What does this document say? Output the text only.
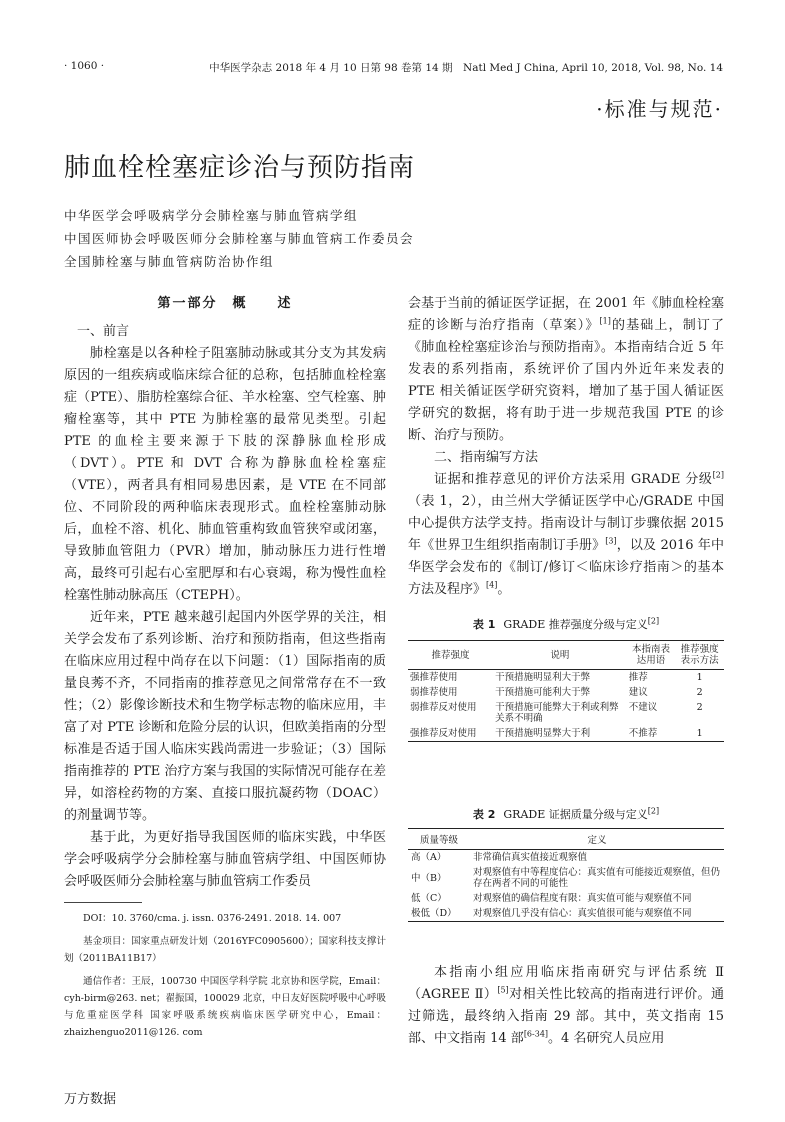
· 1060 ·	中华医学杂志 2018 年 4 月 10 日第 98 卷第 14 期　Natl Med J China, April 10, 2018, Vol. 98, No. 14
·标准与规范·
肺血栓栓塞症诊治与预防指南
中华医学会呼吸病学分会肺栓塞与肺血管病学组
中国医师协会呼吸医师分会肺栓塞与肺血管病工作委员会
全国肺栓塞与肺血管病防治协作组
第一部分　概　　述

一、前言

肺栓塞是以各种栓子阻塞肺动脉或其分支为其发病原因的一组疾病或临床综合征的总称，包括肺血栓栓塞症（PTE）、脂肪栓塞综合征、羊水栓塞、空气栓塞、肿瘤栓塞等，其中 PTE 为肺栓塞的最常见类型。引起 PTE 的血栓主要来源于下肢的深静脉血栓形成（DVT）。PTE 和 DVT 合称为静脉血栓栓塞症（VTE），两者具有相同易患因素，是 VTE 在不同部位、不同阶段的两种临床表现形式。血栓栓塞肺动脉后，血栓不溶、机化、肺血管重构致血管狭窄或闭塞，导致肺血管阻力（PVR）增加，肺动脉压力进行性增高，最终可引起右心室肥厚和右心衰竭，称为慢性血栓栓塞性肺动脉高压（CTEPH）。

近年来，PTE 越来越引起国内外医学界的关注，相关学会发布了系列诊断、治疗和预防指南，但这些指南在临床应用过程中尚存在以下问题：（1）国际指南的质量良莠不齐，不同指南的推荐意见之间常常存在不一致性；（2）影像诊断技术和生物学标志物的临床应用，丰富了对 PTE 诊断和危险分层的认识，但欧美指南的分型标准是否适于国人临床实践尚需进一步验证；（3）国际指南推荐的 PTE 治疗方案与我国的实际情况可能存在差异，如溶栓药物的方案、直接口服抗凝药物（DOAC）的剂量调节等。

基于此，为更好指导我国医师的临床实践，中华医学会呼吸病学分会肺栓塞与肺血管病学组、中国医师协会呼吸医师分会肺栓塞与肺血管病工作委员

DOI：10. 3760/cma. j. issn. 0376-2491. 2018. 14. 007
基金项目：国家重点研发计划（2016YFC0905600）；国家科技支撑计划（2011BA11B17）
通信作者：王辰，100730 中国医学科学院 北京协和医学院，Email：cyh-birm@263. net；翟振国，100029 北京，中日友好医院呼吸中心呼吸与危重症医学科 国家呼吸系统疾病临床医学研究中心，Email：zhaizhenguo2011@126. com

会基于当前的循证医学证据，在 2001 年《肺血栓栓塞症的诊断与治疗指南（草案）》[1]的基础上，制订了《肺血栓栓塞症诊治与预防指南》。本指南结合近 5 年发表的系列指南，系统评价了国内外近年来发表的 PTE 相关循证医学研究资料，增加了基于国人循证医学研究的数据，将有助于进一步规范我国 PTE 的诊断、治疗与预防。

二、指南编写方法

证据和推荐意见的评价方法采用 GRADE 分级[2]（表 1，2），由兰州大学循证医学中心/GRADE 中国中心提供方法学支持。指南设计与制订步骤依据 2015 年《世界卫生组织指南制订手册》[3]，以及 2016 年中华医学会发布的《制订/修订＜临床诊疗指南＞的基本方法及程序》[4]。

表 1 GRADE 推荐强度分级与定义[2]
推荐强度	说明	本指南表达用语	推荐强度表示方法
强推荐使用	干预措施明显利大于弊	推荐	1
弱推荐使用	干预措施可能利大于弊	建议	2
弱推荐反对使用	干预措施可能弊大于利或利弊关系不明确	不建议	2
强推荐反对使用	干预措施明显弊大于利	不推荐	1
表 2 GRADE 证据质量分级与定义[2]
质量等级	定义
高（A）	非常确信真实值接近观察值
中（B）	对观察值有中等程度信心：真实值有可能接近观察值，但仍存在两者不同的可能性
低（C）	对观察值的确信程度有限：真实值可能与观察值不同
极低（D）	对观察值几乎没有信心：真实值很可能与观察值不同

本指南小组应用临床指南研究与评估系统 Ⅱ（AGREE Ⅱ）[5]对相关性比较高的指南进行评价。通过筛选，最终纳入指南 29 部。其中，英文指南 15 部、中文指南 14 部[6-34]。4 名研究人员应用

万方数据
